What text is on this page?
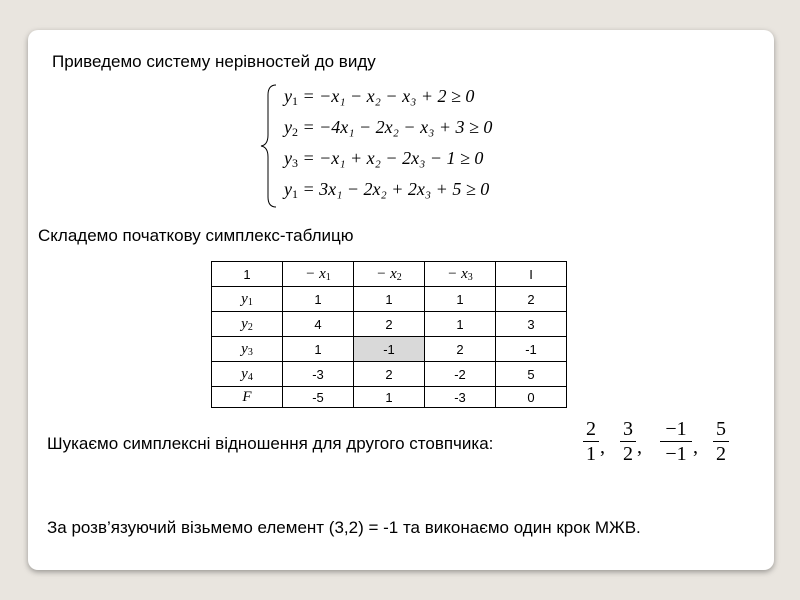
Приведемо систему нерівностей до виду
$y_1 = -x_1 - x_2 - x_3 + 2 \ge 0$
$y_2 = -4x_1 - 2x_2 - x_3 + 3 \ge 0$
$y_3 = -x_1 + x_2 - 2x_3 - 1 \ge 0$
$y_1 = 3x_1 - 2x_2 + 2x_3 + 5 \ge 0$
Складемо початкову симплекс-таблицю
1	− $x_1$	− $x_2$	− $x_3$	I
$y_1$	1	1	1	2
$y_2$	4	2	1	3
$y_3$	1	-1	2	-1
$y_4$	-3	2	-2	5
F	-5	1	-3	0
Шукаємо симплексні відношення для другого стовпчика:
2
1 ,
3
2 ,
−1
−1 ,
5
2
За розв’язуючий візьмемо елемент (3,2) = -1 та виконаємо один крок МЖВ.
